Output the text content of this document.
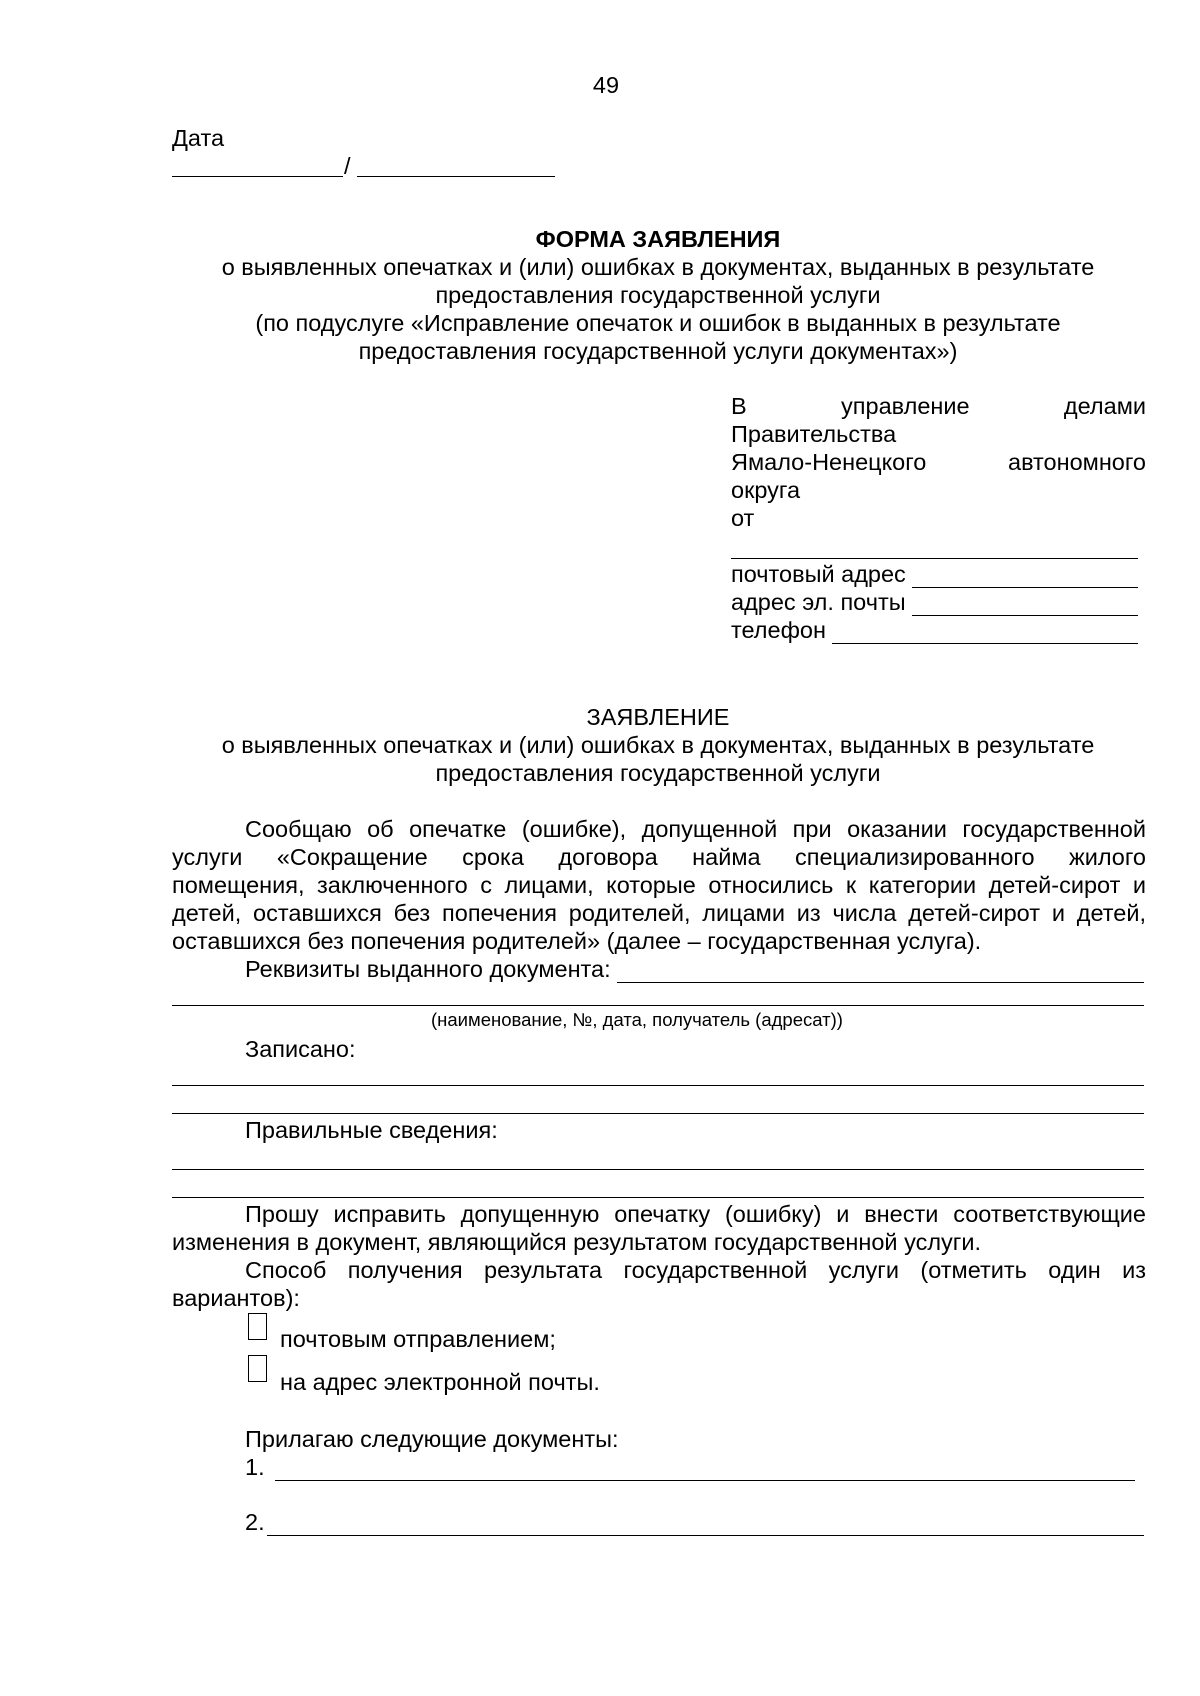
49
Дата
/
ФОРМА ЗАЯВЛЕНИЯ
о выявленных опечатках и (или) ошибках в документах, выданных в результате
предоставления государственной услуги
(по подуслуге «Исправление опечаток и ошибок в выданных в результате
предоставления государственной услуги документах»)
В	управление	делами
Правительства
Ямало-Ненецкого	автономного
округа
от
почтовый адрес
адрес эл. почты
телефон
ЗАЯВЛЕНИЕ
о выявленных опечатках и (или) ошибках в документах, выданных в результате
предоставления государственной услуги
Сообщаю об опечатке (ошибке), допущенной при оказании государственной
услуги «Сокращение срока договора найма специализированного жилого
помещения, заключенного с лицами, которые относились к категории детей-сирот и
детей, оставшихся без попечения родителей, лицами из числа детей-сирот и детей,
оставшихся без попечения родителей» (далее – государственная услуга).
Реквизиты выданного документа:
(наименование, №, дата, получатель (адресат))
Записано:
Правильные сведения:
Прошу исправить допущенную опечатку (ошибку) и внести соответствующие
изменения в документ, являющийся результатом государственной услуги.
Способ получения результата государственной услуги (отметить один из
вариантов):
почтовым отправлением;
на адрес электронной почты.
Прилагаю следующие документы:
1.
2.
